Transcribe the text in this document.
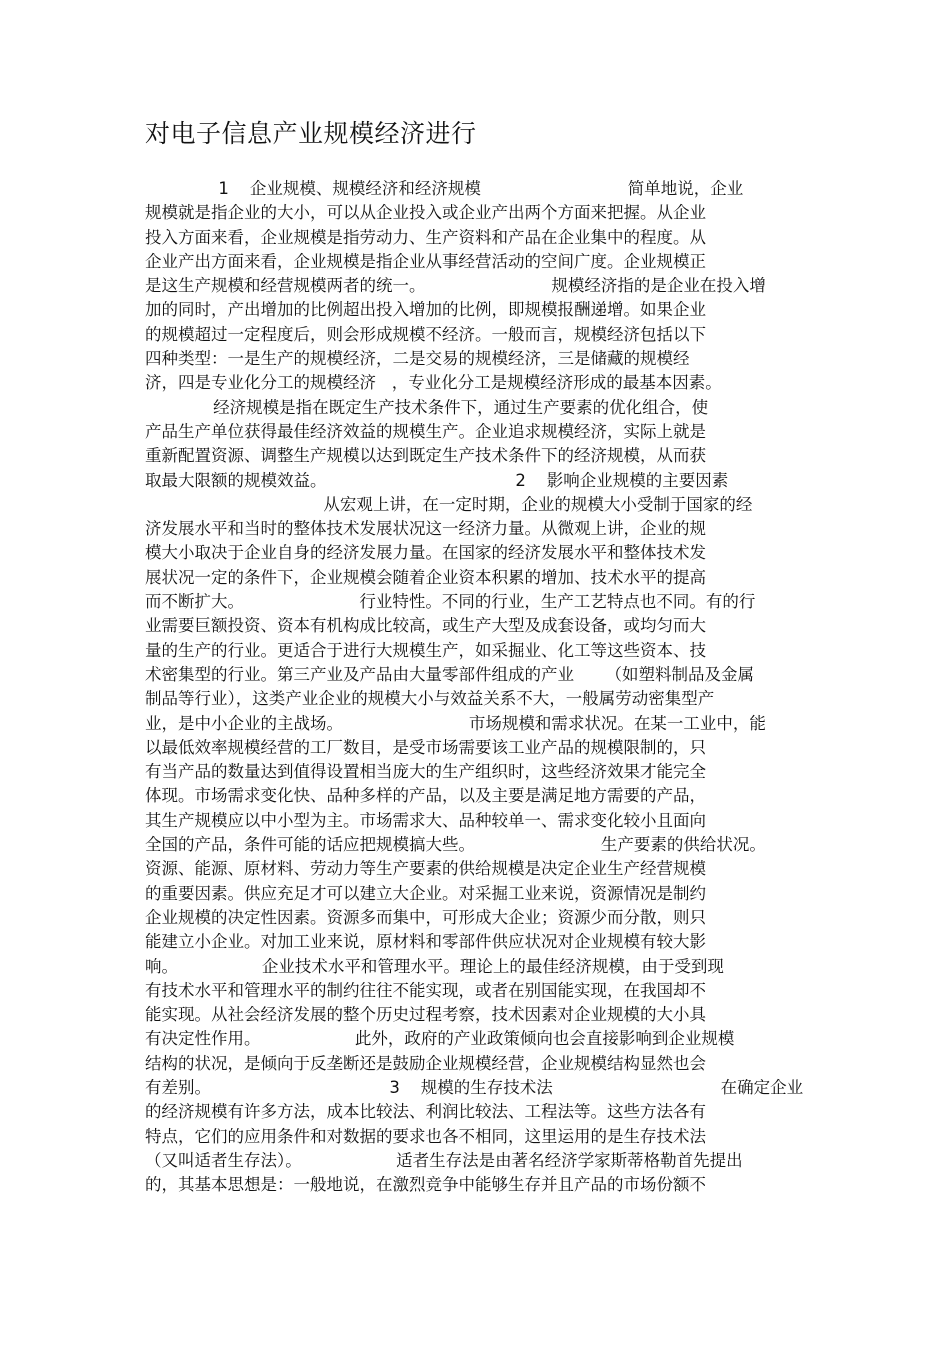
对电子信息产业规模经济进行
1    企业规模、规模经济和经济规模                            简单地说，企业
规模就是指企业的大小，可以从企业投入或企业产出两个方面来把握。从企业
投入方面来看，企业规模是指劳动力、生产资料和产品在企业集中的程度。从
企业产出方面来看，企业规模是指企业从事经营活动的空间广度。企业规模正
是这生产规模和经营规模两者的统一。                        规模经济指的是企业在投入增
加的同时，产出增加的比例超出投入增加的比例，即规模报酬递增。如果企业
的规模超过一定程度后，则会形成规模不经济。一般而言，规模经济包括以下
四种类型：一是生产的规模经济，二是交易的规模经济，三是储藏的规模经
济，四是专业化分工的规模经济   ，专业化分工是规模经济形成的最基本因素。
经济规模是指在既定生产技术条件下，通过生产要素的优化组合，使
产品生产单位获得最佳经济效益的规模生产。企业追求规模经济，实际上就是
重新配置资源、调整生产规模以达到既定生产技术条件下的经济规模，从而获
取最大限额的规模效益。                                    2    影响企业规模的主要因素
从宏观上讲，在一定时期，企业的规模大小受制于国家的经
济发展水平和当时的整体技术发展状况这一经济力量。从微观上讲，企业的规
模大小取决于企业自身的经济发展力量。在国家的经济发展水平和整体技术发
展状况一定的条件下，企业规模会随着企业资本积累的增加、技术水平的提高
而不断扩大。                      行业特性。不同的行业，生产工艺特点也不同。有的行
业需要巨额投资、资本有机构成比较高，或生产大型及成套设备，或均匀而大
量的生产的行业。更适合于进行大规模生产，如采掘业、化工等这些资本、技
术密集型的行业。第三产业及产品由大量零部件组成的产业      （如塑料制品及金属
制品等行业），这类产业企业的规模大小与效益关系不大，一般属劳动密集型产
业，是中小企业的主战场。                        市场规模和需求状况。在某一工业中，能
以最低效率规模经营的工厂数目，是受市场需要该工业产品的规模限制的，只
有当产品的数量达到值得设置相当庞大的生产组织时，这些经济效果才能完全
体现。市场需求变化快、品种多样的产品，以及主要是满足地方需要的产品，
其生产规模应以中小型为主。市场需求大、品种较单一、需求变化较小且面向
全国的产品，条件可能的话应把规模搞大些。                        生产要素的供给状况。
资源、能源、原材料、劳动力等生产要素的供给规模是决定企业生产经营规模
的重要因素。供应充足才可以建立大企业。对采掘工业来说，资源情况是制约
企业规模的决定性因素。资源多而集中，可形成大企业；资源少而分散，则只
能建立小企业。对加工业来说，原材料和零部件供应状况对企业规模有较大影
响。                企业技术水平和管理水平。理论上的最佳经济规模，由于受到现
有技术水平和管理水平的制约往往不能实现，或者在别国能实现，在我国却不
能实现。从社会经济发展的整个历史过程考察，技术因素对企业规模的大小具
有决定性作用。                  此外，政府的产业政策倾向也会直接影响到企业规模
结构的状况，是倾向于反垄断还是鼓励企业规模经营，企业规模结构显然也会
有差别。                                  3    规模的生存技术法                                在确定企业
的经济规模有许多方法，成本比较法、利润比较法、工程法等。这些方法各有
特点，它们的应用条件和对数据的要求也各不相同，这里运用的是生存技术法
（又叫适者生存法）。                  适者生存法是由著名经济学家斯蒂格勒首先提出
的，其基本思想是：一般地说，在激烈竞争中能够生存并且产品的市场份额不
